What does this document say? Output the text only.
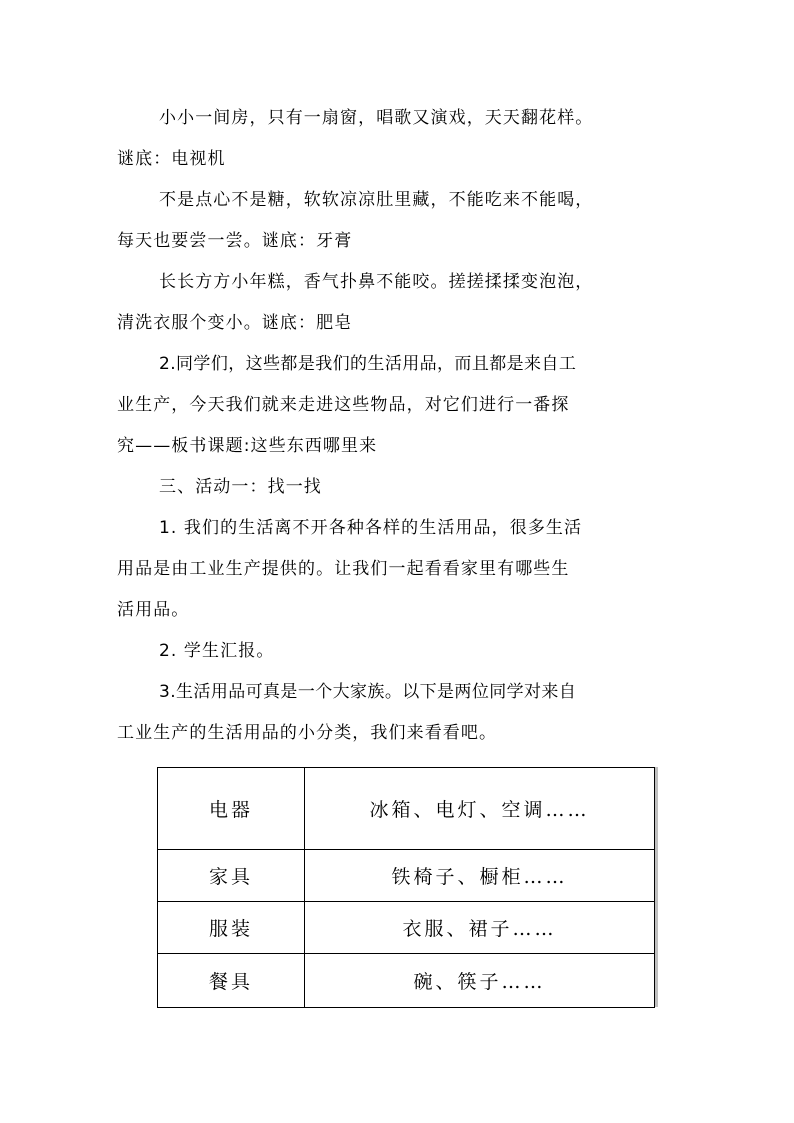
小小一间房，只有一扇窗，唱歌又演戏，天天翻花样。
谜底：电视机
不是点心不是糖，软软凉凉肚里藏，不能吃来不能喝，
每天也要尝一尝。谜底：牙膏
长长方方小年糕，香气扑鼻不能咬。搓搓揉揉变泡泡，
清洗衣服个变小。谜底：肥皂
2.同学们，这些都是我们的生活用品，而且都是来自工
业生产，今天我们就来走进这些物品，对它们进行一番探
究——板书课题:这些东西哪里来
三、活动一：找一找
1. 我们的生活离不开各种各样的生活用品，很多生活
用品是由工业生产提供的。让我们一起看看家里有哪些生
活用品。
2. 学生汇报。
3.生活用品可真是一个大家族。以下是两位同学对来自
工业生产的生活用品的小分类，我们来看看吧。
电器	冰箱、电灯、空调……
家具	铁椅子、橱柜……
服装	衣服、裙子……
餐具	碗、筷子……
